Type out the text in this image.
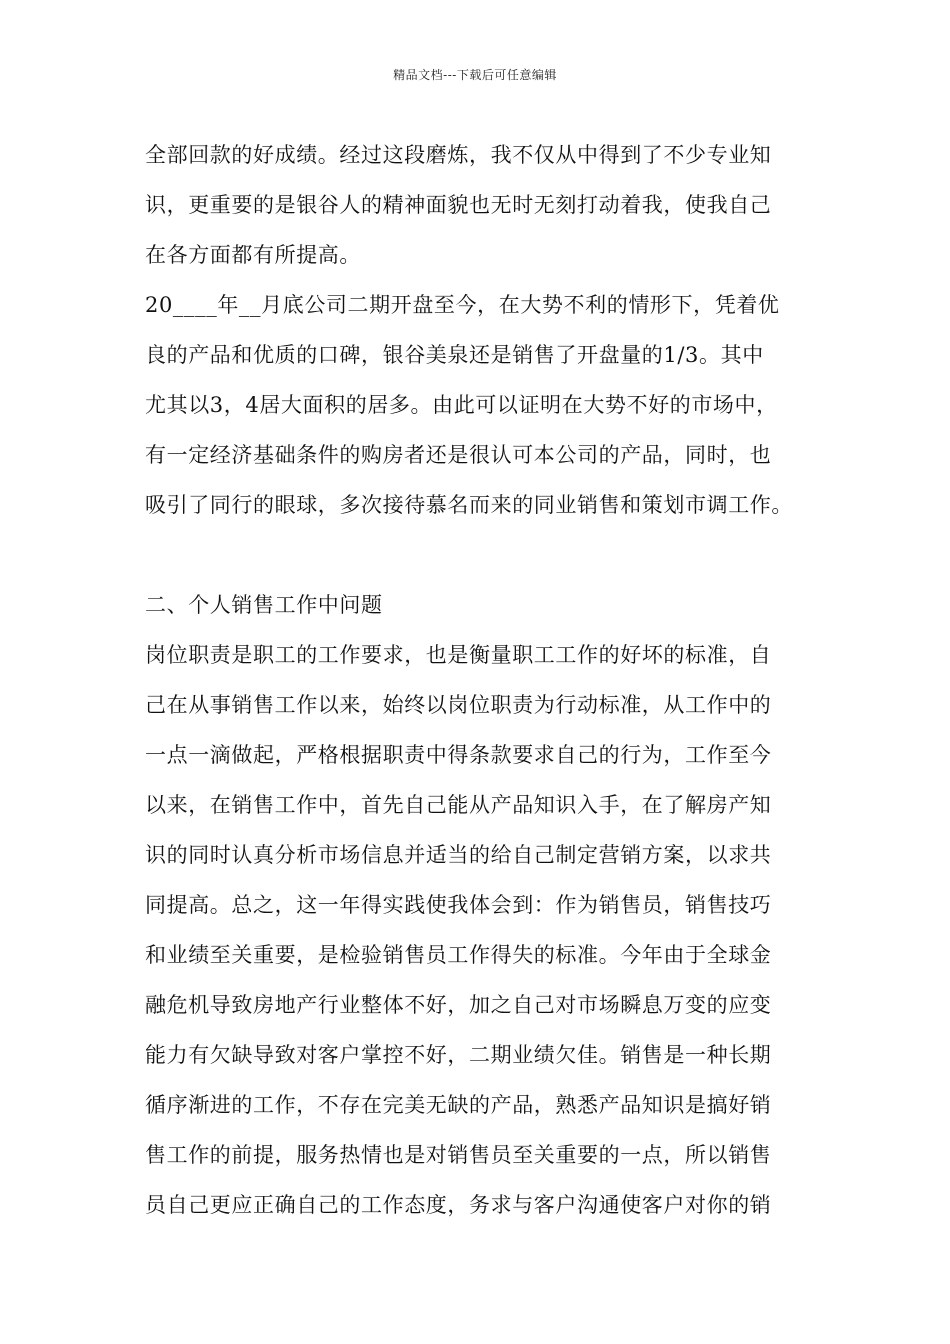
精品文档---下载后可任意编辑
全部回款的好成绩。经过这段磨炼，我不仅从中得到了不少专业知
识，更重要的是银谷人的精神面貌也无时无刻打动着我，使我自己
在各方面都有所提高。
20____年__月底公司二期开盘至今，在大势不利的情形下，凭着优
良的产品和优质的口碑，银谷美泉还是销售了开盘量的1/3。其中
尤其以3，4居大面积的居多。由此可以证明在大势不好的市场中，
有一定经济基础条件的购房者还是很认可本公司的产品，同时，也
吸引了同行的眼球，多次接待慕名而来的同业销售和策划市调工作。
二、个人销售工作中问题
岗位职责是职工的工作要求，也是衡量职工工作的好坏的标准，自
己在从事销售工作以来，始终以岗位职责为行动标准，从工作中的
一点一滴做起，严格根据职责中得条款要求自己的行为，工作至今
以来，在销售工作中，首先自己能从产品知识入手，在了解房产知
识的同时认真分析市场信息并适当的给自己制定营销方案，以求共
同提高。总之，这一年得实践使我体会到：作为销售员，销售技巧
和业绩至关重要，是检验销售员工作得失的标准。今年由于全球金
融危机导致房地产行业整体不好，加之自己对市场瞬息万变的应变
能力有欠缺导致对客户掌控不好，二期业绩欠佳。销售是一种长期
循序渐进的工作，不存在完美无缺的产品，熟悉产品知识是搞好销
售工作的前提，服务热情也是对销售员至关重要的一点，所以销售
员自己更应正确自己的工作态度，务求与客户沟通使客户对你的销
